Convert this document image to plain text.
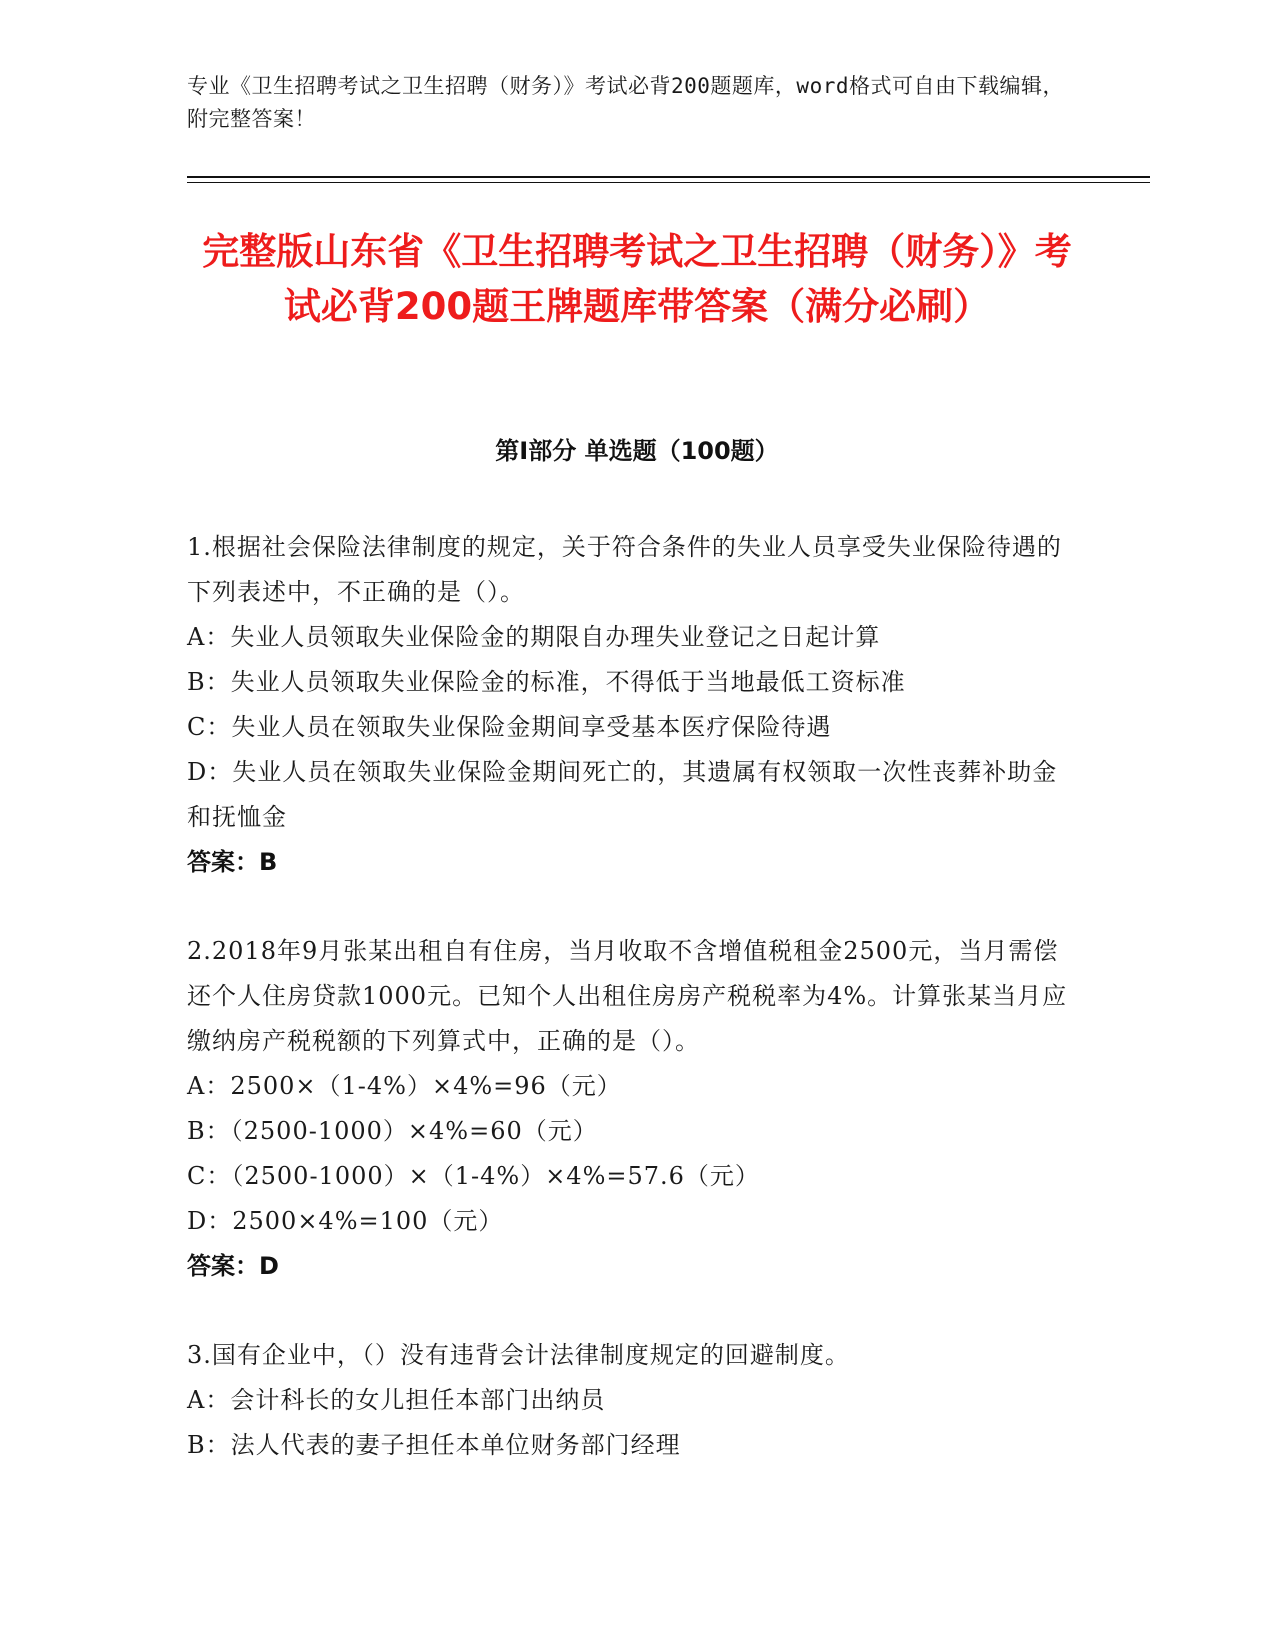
专业《卫生招聘考试之卫生招聘（财务）》考试必背200题题库，word格式可自由下载编辑，附完整答案！
完整版山东省《卫生招聘考试之卫生招聘（财务）》考试必背200题王牌题库带答案（满分必刷）
第I部分 单选题（100题）
1.根据社会保险法律制度的规定，关于符合条件的失业人员享受失业保险待遇的下列表述中，不正确的是（）。
A：失业人员领取失业保险金的期限自办理失业登记之日起计算
B：失业人员领取失业保险金的标准，不得低于当地最低工资标准
C：失业人员在领取失业保险金期间享受基本医疗保险待遇
D：失业人员在领取失业保险金期间死亡的，其遗属有权领取一次性丧葬补助金和抚恤金
答案：B
2.2018年9月张某出租自有住房，当月收取不含增值税租金2500元，当月需偿还个人住房贷款1000元。已知个人出租住房房产税税率为4%。计算张某当月应缴纳房产税税额的下列算式中，正确的是（）。
A：2500×（1-4%）×4%=96（元）
B：（2500-1000）×4%=60（元）
C：（2500-1000）×（1-4%）×4%=57.6（元）
D：2500×4%=100（元）
答案：D
3.国有企业中，（）没有违背会计法律制度规定的回避制度。
A：会计科长的女儿担任本部门出纳员
B：法人代表的妻子担任本单位财务部门经理
